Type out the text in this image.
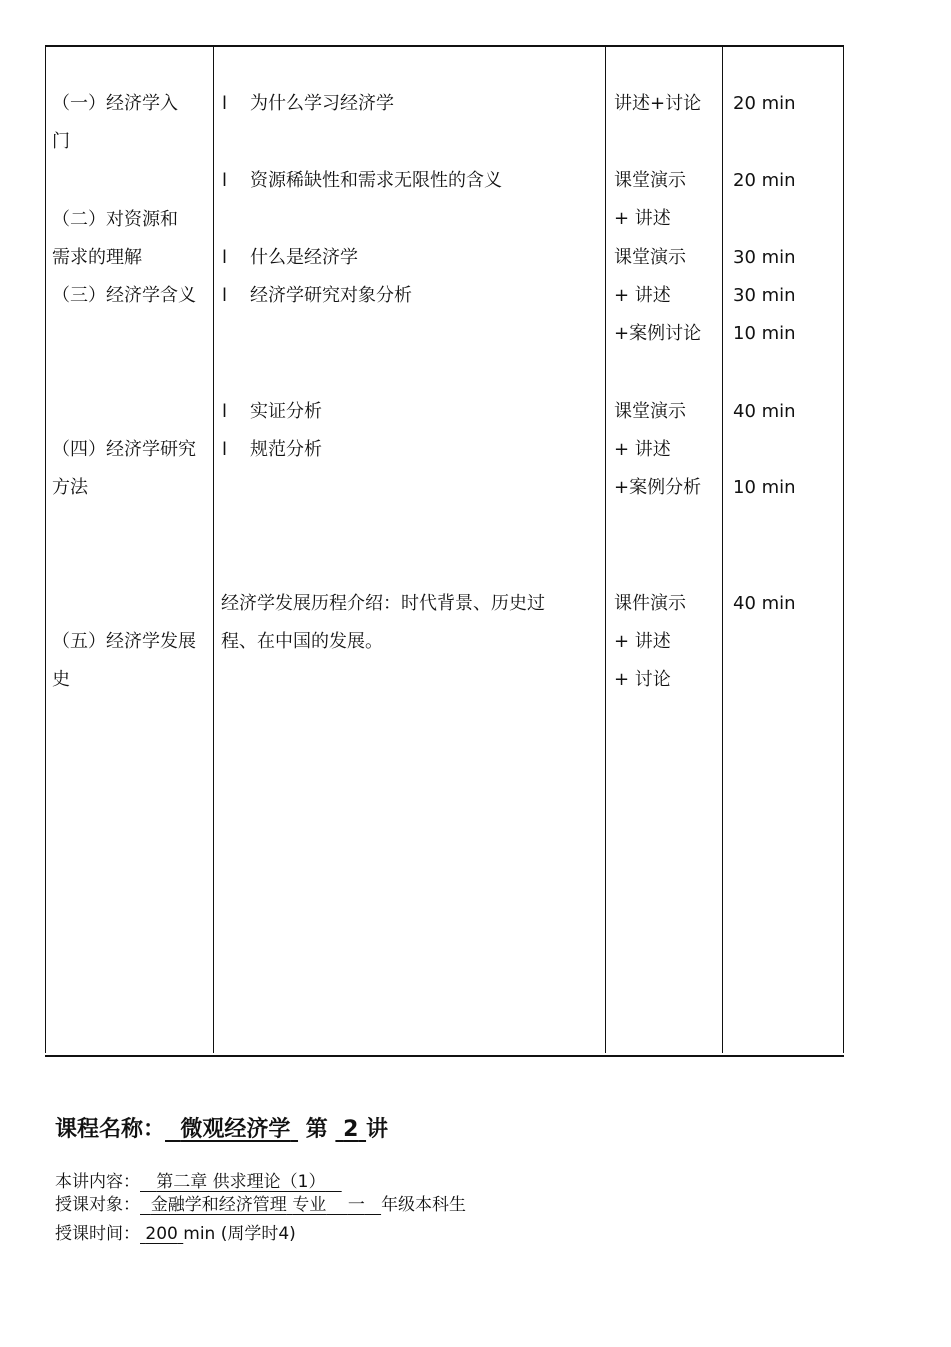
（一）经济学入
门
（二）对资源和
需求的理解
（三）经济学含义
（四）经济学研究
方法
（五）经济学发展
史
l 为什么学习经济学
l 资源稀缺性和需求无限性的含义
l 什么是经济学
l 经济学研究对象分析
l 实证分析
l 规范分析
经济学发展历程介绍：时代背景、历史过
程、在中国的发展。
讲述+讨论
课堂演示
+ 讲述
课堂演示
+ 讲述
+案例讨论
课堂演示
+ 讲述
+案例分析
课件演示
+ 讲述
+ 讨论
20 min
20 min
30 min
30 min
10 min
40 min
10 min
40 min
课程名称： 微观经济学 第 2 讲
本讲内容： 第二章 供求理论（1）
授课对象： 金融学和经济管理 专业 一 年级本科生
授课时间： 200 min (周学时4)
